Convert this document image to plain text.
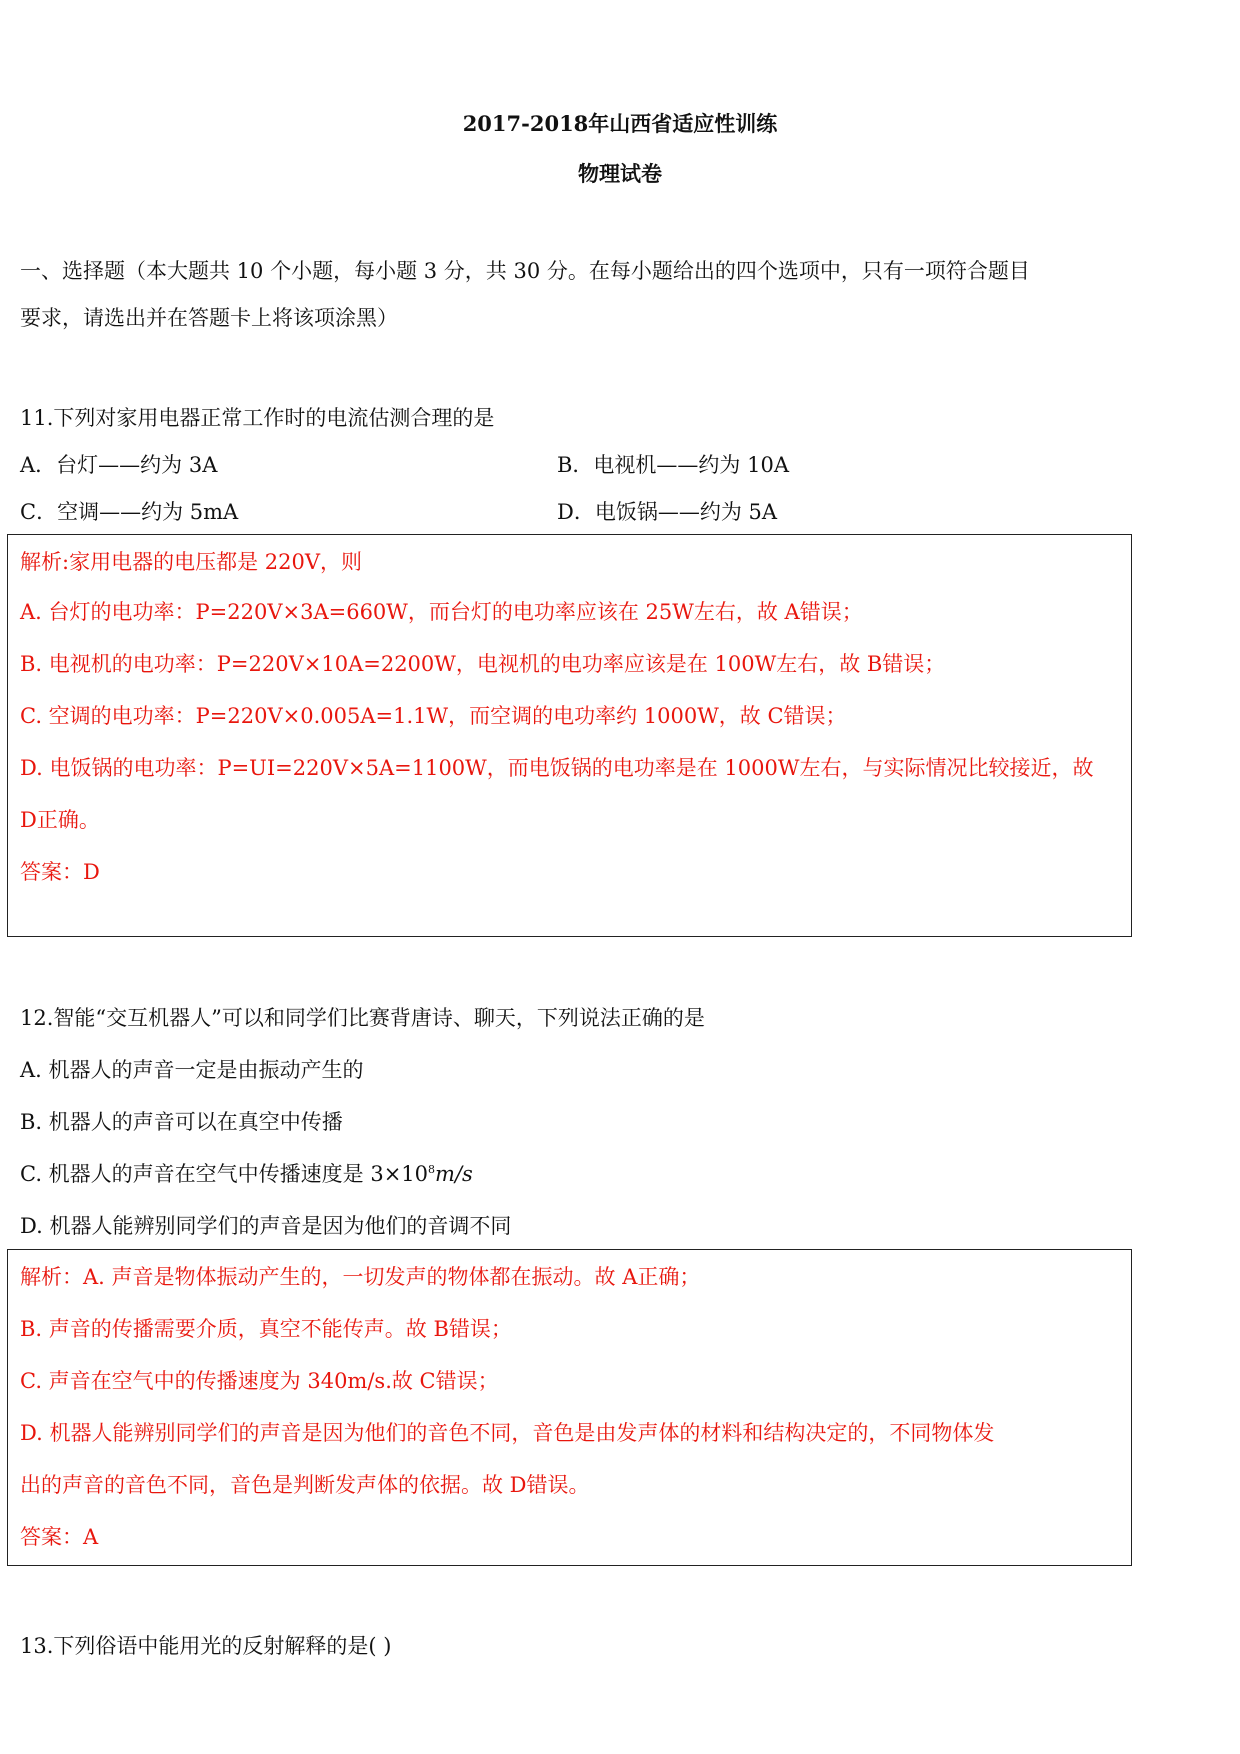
2017-2018年山西省适应性训练
物理试卷
一、选择题（本大题共 10 个小题，每小题 3 分，共 30 分。在每小题给出的四个选项中，只有一项符合题目
要求，请选出并在答题卡上将该项涂黑）
11.下列对家用电器正常工作时的电流估测合理的是
A．台灯——约为 3A	B．电视机——约为 10A
C．空调——约为 5mA	D．电饭锅——约为 5A
解析:家用电器的电压都是 220V，则
A. 台灯的电功率：P=220V×3A=660W，而台灯的电功率应该在 25W左右，故 A错误；
B. 电视机的电功率：P=220V×10A=2200W，电视机的电功率应该是在 100W左右，故 B错误；
C. 空调的电功率：P=220V×0.005A=1.1W，而空调的电功率约 1000W，故 C错误；
D. 电饭锅的电功率：P=UI=220V×5A=1100W，而电饭锅的电功率是在 1000W左右，与实际情况比较接近，故
D正确。
答案：D
12.智能“交互机器人”可以和同学们比赛背唐诗、聊天，下列说法正确的是
A. 机器人的声音一定是由振动产生的
B. 机器人的声音可以在真空中传播
C. 机器人的声音在空气中传播速度是 $3\times 10^8m/s$
D. 机器人能辨别同学们的声音是因为他们的音调不同
解析：A. 声音是物体振动产生的，一切发声的物体都在振动。故 A正确；
B. 声音的传播需要介质，真空不能传声。故 B错误；
C. 声音在空气中的传播速度为 340m/s.故 C错误；
D. 机器人能辨别同学们的声音是因为他们的音色不同，音色是由发声体的材料和结构决定的，不同物体发
出的声音的音色不同，音色是判断发声体的依据。故 D错误。
答案：A
13.下列俗语中能用光的反射解释的是( )
